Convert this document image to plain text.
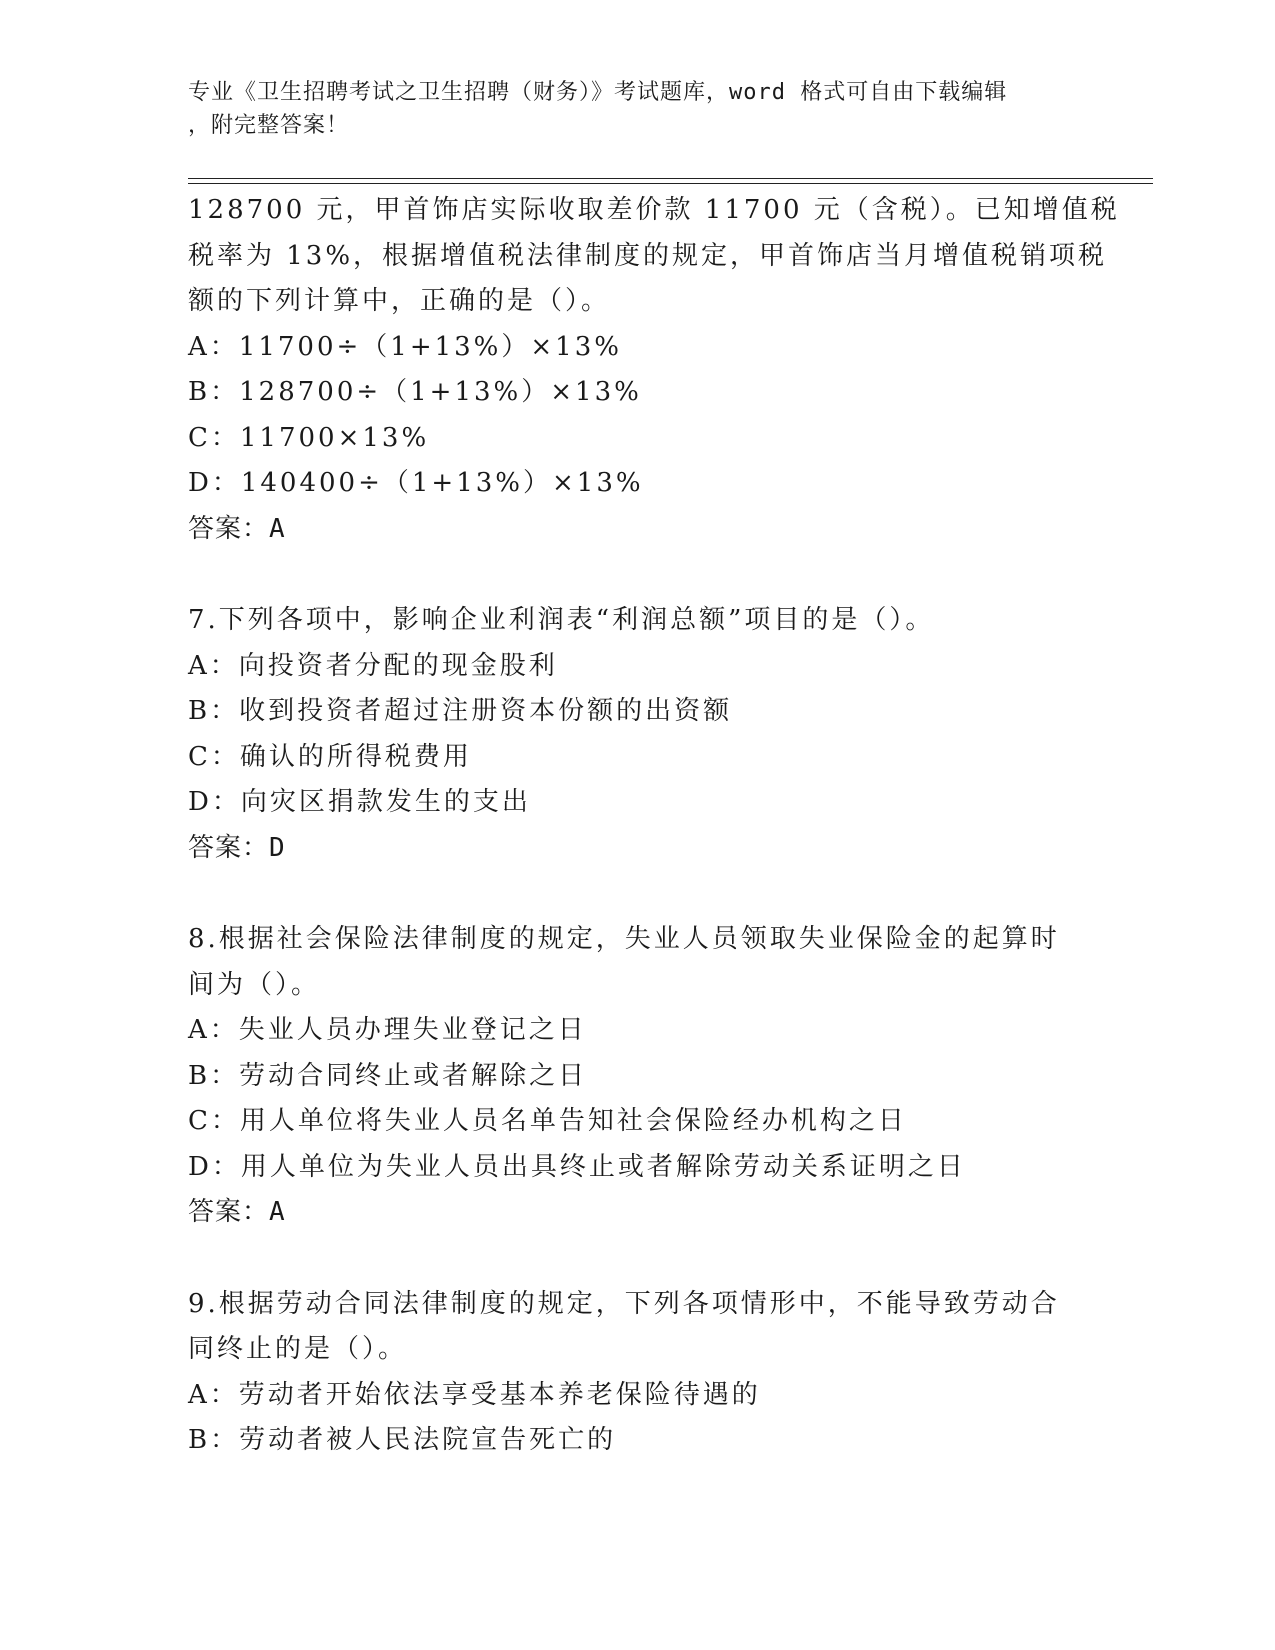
专业《卫生招聘考试之卫生招聘（财务）》考试题库，word 格式可自由下载编辑
，附完整答案！
128700 元，甲首饰店实际收取差价款 11700 元（含税）。已知增值税
税率为 13%，根据增值税法律制度的规定，甲首饰店当月增值税销项税
额的下列计算中，正确的是（）。
A：11700÷（1+13%）×13%
B：128700÷（1+13%）×13%
C：11700×13%
D：140400÷（1+13%）×13%
答案：A
7.下列各项中，影响企业利润表“利润总额”项目的是（）。
A：向投资者分配的现金股利
B：收到投资者超过注册资本份额的出资额
C：确认的所得税费用
D：向灾区捐款发生的支出
答案：D
8.根据社会保险法律制度的规定，失业人员领取失业保险金的起算时
间为（）。
A：失业人员办理失业登记之日
B：劳动合同终止或者解除之日
C：用人单位将失业人员名单告知社会保险经办机构之日
D：用人单位为失业人员出具终止或者解除劳动关系证明之日
答案：A
9.根据劳动合同法律制度的规定，下列各项情形中，不能导致劳动合
同终止的是（）。
A：劳动者开始依法享受基本养老保险待遇的
B：劳动者被人民法院宣告死亡的
